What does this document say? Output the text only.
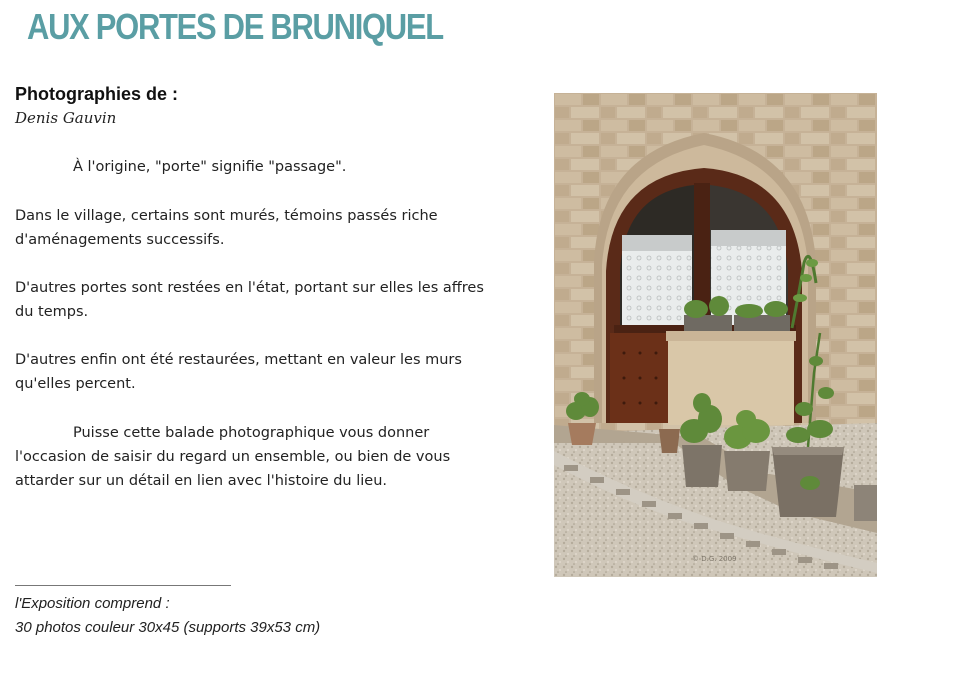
AUX PORTES DE BRUNIQUEL
Photographies de :
Denis Gauvin
À l'origine, "porte" signifie "passage".
Dans le village, certains sont murés, témoins passés riche d'aménagements successifs.
D'autres portes sont restées en l'état, portant sur elles les affres du temps.
D'autres enfin ont été restaurées, mettant en valeur les murs qu'elles percent.
Puisse cette balade photographique vous donner l'occasion de saisir du regard un ensemble, ou bien de vous attarder sur un détail en lien avec l'histoire du lieu.
l'Exposition comprend :
30 photos couleur 30x45 (supports 39x53 cm)
© D.G. 2009
